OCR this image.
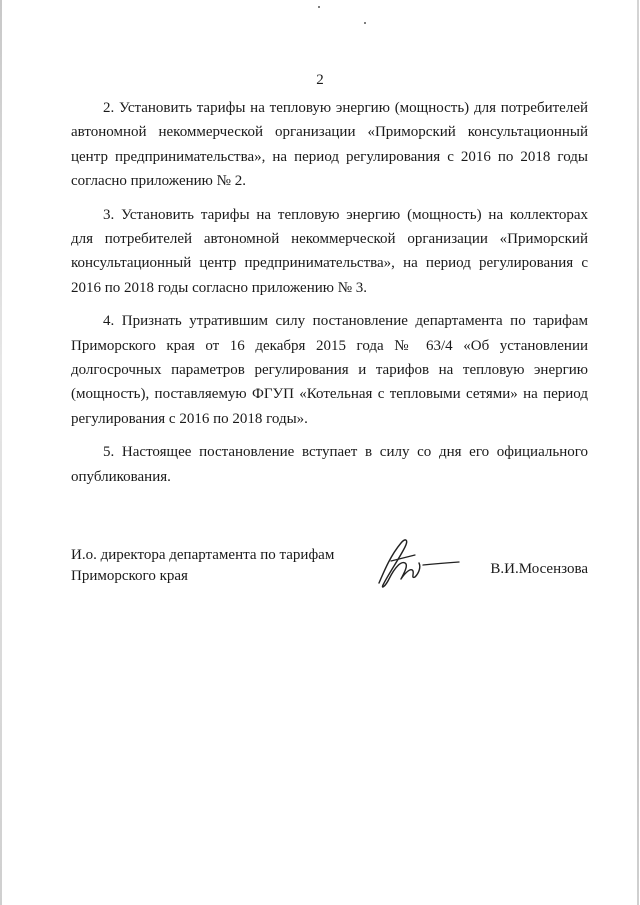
2

2. Установить тарифы на тепловую энергию (мощность) для потребителей автономной некоммерческой организации «Приморский консультационный центр предпринимательства», на период регулирования с 2016 по 2018 годы согласно приложению № 2.

3. Установить тарифы на тепловую энергию (мощность) на коллекторах для потребителей автономной некоммерческой организации «Приморский консультационный центр предпринимательства», на период регулирования с 2016 по 2018 годы согласно приложению № 3.

4. Признать утратившим силу постановление департамента по тарифам Приморского края от 16 декабря 2015 года № 63/4 «Об установлении долгосрочных параметров регулирования и тарифов на тепловую энергию (мощность), поставляемую ФГУП «Котельная с тепловыми сетями» на период регулирования с 2016 по 2018 годы».

5. Настоящее постановление вступает в силу со дня его официального опубликования.

И.о. директора департамента по тарифам
Приморского края	В.И.Мосензова
